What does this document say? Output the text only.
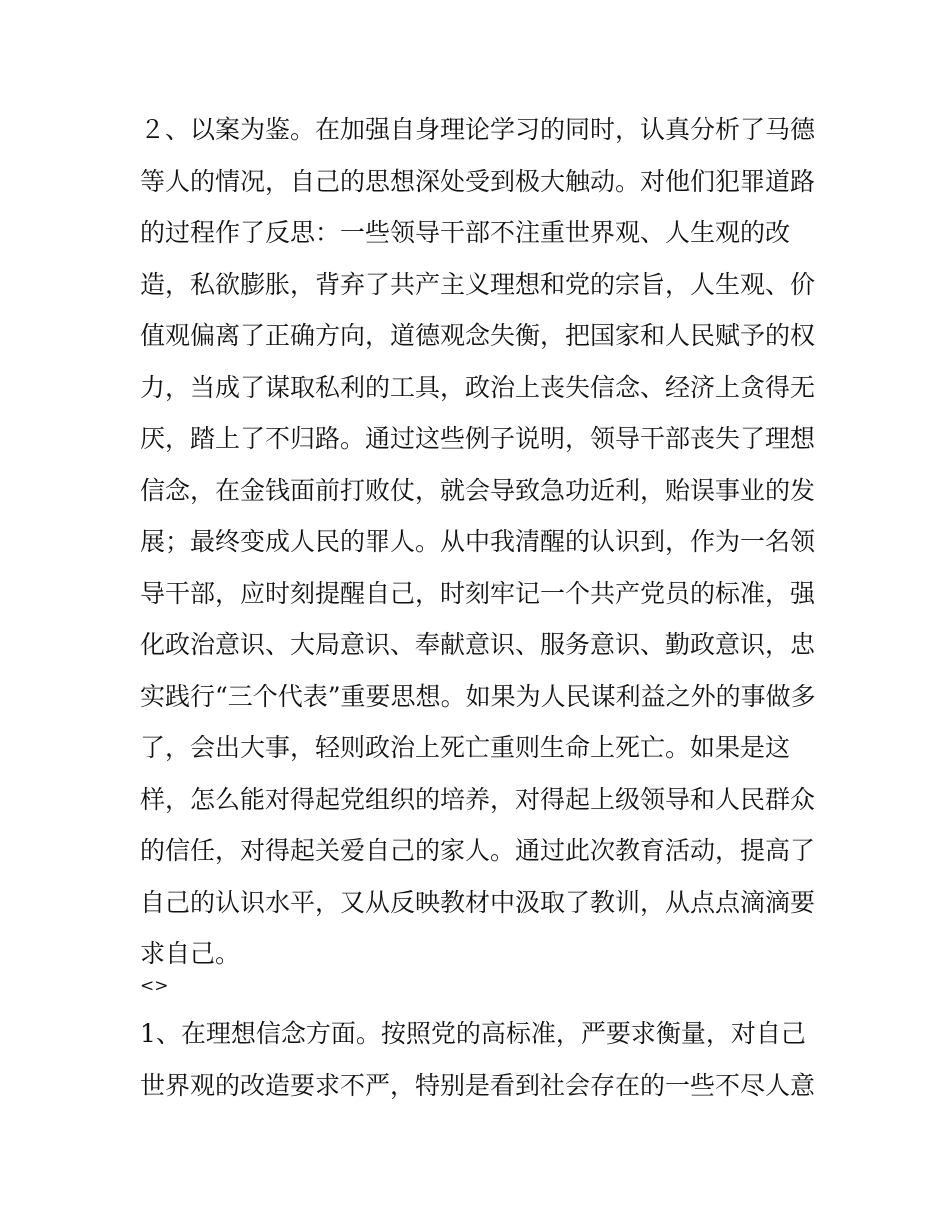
２、以案为鉴。在加强自身理论学习的同时，认真分析了马德
等人的情况，自己的思想深处受到极大触动。对他们犯罪道路
的过程作了反思：一些领导干部不注重世界观、人生观的改
造，私欲膨胀，背弃了共产主义理想和党的宗旨，人生观、价
值观偏离了正确方向，道德观念失衡，把国家和人民赋予的权
力，当成了谋取私利的工具，政治上丧失信念、经济上贪得无
厌，踏上了不归路。通过这些例子说明，领导干部丧失了理想
信念，在金钱面前打败仗，就会导致急功近利，贻误事业的发
展；最终变成人民的罪人。从中我清醒的认识到，作为一名领
导干部，应时刻提醒自己，时刻牢记一个共产党员的标准，强
化政治意识、大局意识、奉献意识、服务意识、勤政意识，忠
实践行“三个代表”重要思想。如果为人民谋利益之外的事做多
了，会出大事，轻则政治上死亡重则生命上死亡。如果是这
样，怎么能对得起党组织的培养，对得起上级领导和人民群众
的信任，对得起关爱自己的家人。通过此次教育活动，提高了
自己的认识水平，又从反映教材中汲取了教训，从点点滴滴要
求自己。
<>
1、在理想信念方面。按照党的高标准，严要求衡量，对自己
世界观的改造要求不严，特别是看到社会存在的一些不尽人意
